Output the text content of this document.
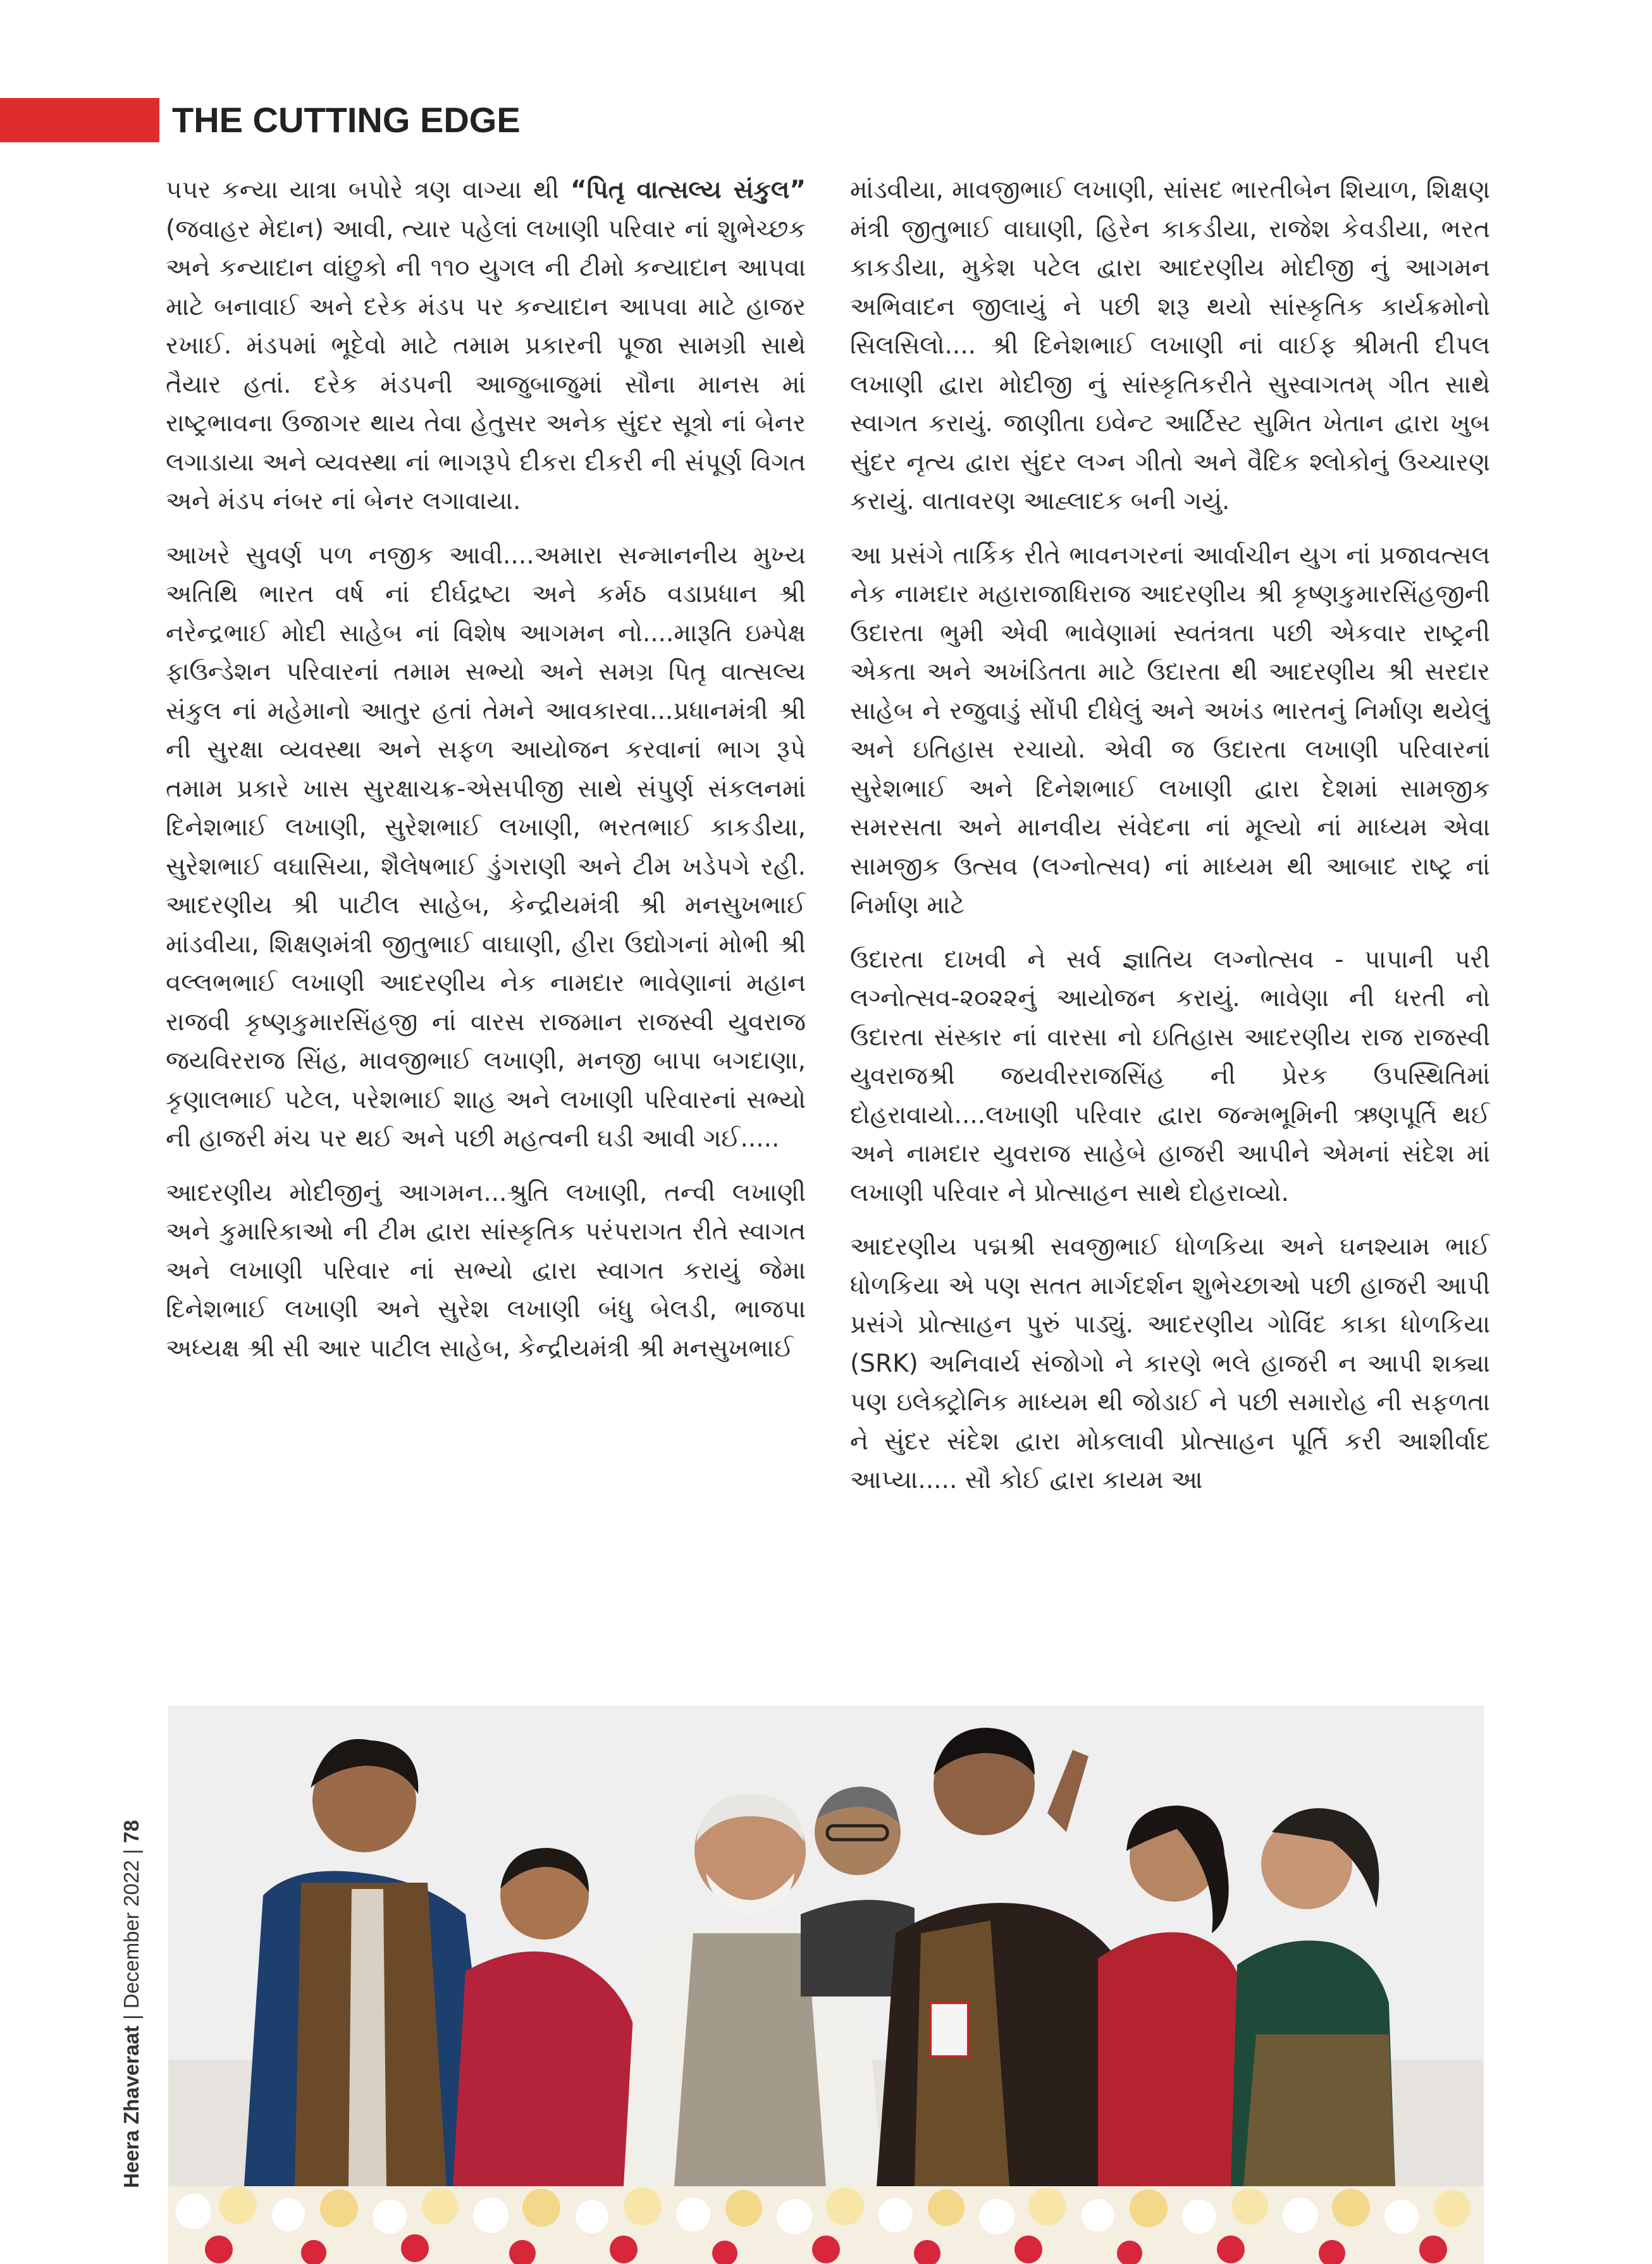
THE CUTTING EDGE

૫૫ર કન્યા યાત્રા બપોરે ત્રણ વાગ્યા થી “પિતૃ વાત્સલ્ય સંકુલ” (જવાહર મેદાન) આવી, ત્યાર પહેલાં લખાણી પરિવાર નાં શુભેચ્છક અને કન્યાદાન વાંછુકો ની ૧૧૦ યુગલ ની ટીમો કન્યાદાન આપવા માટે બનાવાઈ અને દરેક મંડપ પર કન્યાદાન આપવા માટે હાજર રખાઈ. મંડપમાં ભૂદેવો માટે તમામ પ્રકારની પૂજા સામગ્રી સાથે તૈયાર હતાં. દરેક મંડપની આજુબાજુમાં સૌના માનસ માં રાષ્ટ્રભાવના ઉજાગર થાય તેવા હેતુસર અનેક સુંદર સૂત્રો નાં બેનર લગાડાયા અને વ્યવસ્થા નાં ભાગરૂપે દીકરા દીકરી ની સંપૂર્ણ વિગત અને મંડપ નંબર નાં બેનર લગાવાયા.

આખરે સુવર્ણ પળ નજીક આવી....અમારા સન્માનનીય મુખ્ય અતિથિ ભારત વર્ષ નાં દીર્ઘદ્રષ્ટા અને કર્મઠ વડાપ્રધાન શ્રી નરેન્દ્રભાઈ મોદી સાહેબ નાં વિશેષ આગમન નો....મારૂતિ ઇમ્પેક્ષ ફાઉન્ડેશન પરિવારનાં તમામ સભ્યો અને સમગ્ર પિતૃ વાત્સલ્ય સંકુલ નાં મહેમાનો આતુર હતાં તેમને આવકારવા...પ્રધાનમંત્રી શ્રી ની સુરક્ષા વ્યવસ્થા અને સફળ આયોજન કરવાનાં ભાગ રૂપે તમામ પ્રકારે ખાસ સુરક્ષાચક્ર-એસપીજી સાથે સંપુર્ણ સંકલનમાં દિનેશભાઈ લખાણી, સુરેશભાઈ લખાણી, ભરતભાઈ કાકડીયા, સુરેશભાઈ વઘાસિયા, શૈલેષભાઈ ડુંગરાણી અને ટીમ ખડેપગે રહી. આદરણીય શ્રી પાટીલ સાહેબ, કેન્દ્રીયમંત્રી શ્રી મનસુખભાઈ માંડવીયા, શિક્ષણમંત્રી જીતુભાઈ વાઘાણી, હીરા ઉદ્યોગનાં મોભી શ્રી વલ્લભભાઈ લખાણી આદરણીય નેક નામદાર ભાવેણાનાં મહાન રાજવી કૃષ્ણકુમારસિંહજી નાં વારસ રાજમાન રાજસ્વી યુવરાજ જયવિરરાજ સિંહ, માવજીભાઈ લખાણી, મનજી બાપા બગદાણા, કૃણાલભાઈ પટેલ, પરેશભાઈ શાહ અને લખાણી પરિવારનાં સભ્યો ની હાજરી મંચ પર થઈ અને પછી મહત્વની ઘડી આવી ગઈ.....

આદરણીય મોદીજીનું આગમન...શ્રુતિ લખાણી, તન્વી લખાણી અને કુમારિકાઓ ની ટીમ દ્વારા સાંસ્કૃતિક પરંપરાગત રીતે સ્વાગત અને લખાણી પરિવાર નાં સભ્યો દ્વારા સ્વાગત કરાયું જેમા દિનેશભાઈ લખાણી અને સુરેશ લખાણી બંધુ બેલડી, ભાજપા અધ્યક્ષ શ્રી સી આર પાટીલ સાહેબ, કેન્દ્રીયમંત્રી શ્રી મનસુખભાઈ

માંડવીયા, માવજીભાઈ લખાણી, સાંસદ ભારતીબેન શિયાળ, શિક્ષણ મંત્રી જીતુભાઈ વાઘાણી, હિરેન કાકડીયા, રાજેશ કેવડીયા, ભરત કાકડીયા, મુકેશ પટેલ દ્વારા આદરણીય મોદીજી નું આગમન અભિવાદન જીલાયું ને પછી શરૂ થયો સાંસ્કૃતિક કાર્યક્રમોનો સિલસિલો.... શ્રી દિનેશભાઈ લખાણી નાં વાઈફ શ્રીમતી દીપલ લખાણી દ્વારા મોદીજી નું સાંસ્કૃતિકરીતે સુસ્વાગતમ્ ગીત સાથે સ્વાગત કરાયું. જાણીતા ઇવેન્ટ આર્ટિસ્ટ સુમિત ખેતાન દ્વારા ખુબ સુંદર નૃત્ય દ્વારા સુંદર લગ્ન ગીતો અને વૈદિક શ્લોકોનું ઉચ્ચારણ કરાયું. વાતાવરણ આહ્લાદક બની ગયું.

આ પ્રસંગે તાર્કિક રીતે ભાવનગરનાં આર્વાચીન યુગ નાં પ્રજાવત્સલ નેક નામદાર મહારાજાધિરાજ આદરણીય શ્રી કૃષ્ણકુમારસિંહજીની ઉદારતા ભુમી એવી ભાવેણામાં સ્વતંત્રતા પછી એકવાર રાષ્ટ્રની એકતા અને અખંડિતતા માટે ઉદારતા થી આદરણીય શ્રી સરદાર સાહેબ ને રજુવાડું સોંપી દીધેલું અને અખંડ ભારતનું નિર્માણ થયેલું અને ઇતિહાસ રચાયો. એવી જ ઉદારતા લખાણી પરિવારનાં સુરેશભાઈ અને દિનેશભાઈ લખાણી દ્વારા દેશમાં સામજીક સમરસતા અને માનવીય સંવેદના નાં મૂલ્યો નાં માધ્યમ એવા સામજીક ઉત્સવ (લગ્નોત્સવ) નાં માધ્યમ થી આબાદ રાષ્ટ્ર નાં નિર્માણ માટે

ઉદારતા દાખવી ને સર્વ જ્ઞાતિય લગ્નોત્સવ - પાપાની પરી લગ્નોત્સવ-૨૦૨૨નું આયોજન કરાયું. ભાવેણા ની ધરતી નો ઉદારતા સંસ્કાર નાં વારસા નો ઇતિહાસ આદરણીય રાજ રાજસ્વી યુવરાજશ્રી જયવીરરાજસિંહ ની પ્રેરક ઉપસ્થિતિમાં દોહરાવાયો....લખાણી પરિવાર દ્વારા જન્મભૂમિની ઋણપૂર્તિ થઈ અને નામદાર યુવરાજ સાહેબે હાજરી આપીને એમનાં સંદેશ માં લખાણી પરિવાર ને પ્રોત્સાહન સાથે દોહરાવ્યો.

આદરણીય પદ્મશ્રી સવજીભાઈ ધોળકિયા અને ઘનશ્યામ ભાઈ ધોળકિયા એ પણ સતત માર્ગદર્શન શુભેચ્છાઓ પછી હાજરી આપી પ્રસંગે પ્રોત્સાહન પુરું પાડ્યું. આદરણીય ગોવિંદ કાકા ધોળકિયા (SRK) અનિવાર્ય સંજોગો ને કારણે ભલે હાજરી ન આપી શક્યા પણ ઇલેક્ટ્રોનિક માધ્યમ થી જોડાઈ ને પછી સમારોહ ની સફળતા ને સુંદર સંદેશ દ્વારા મોકલાવી પ્રોત્સાહન પૂર્તિ કરી આશીર્વાદ આપ્યા..... સૌ કોઈ દ્વારા કાયમ આ

Heera Zhaveraat | December 2022 | 78
